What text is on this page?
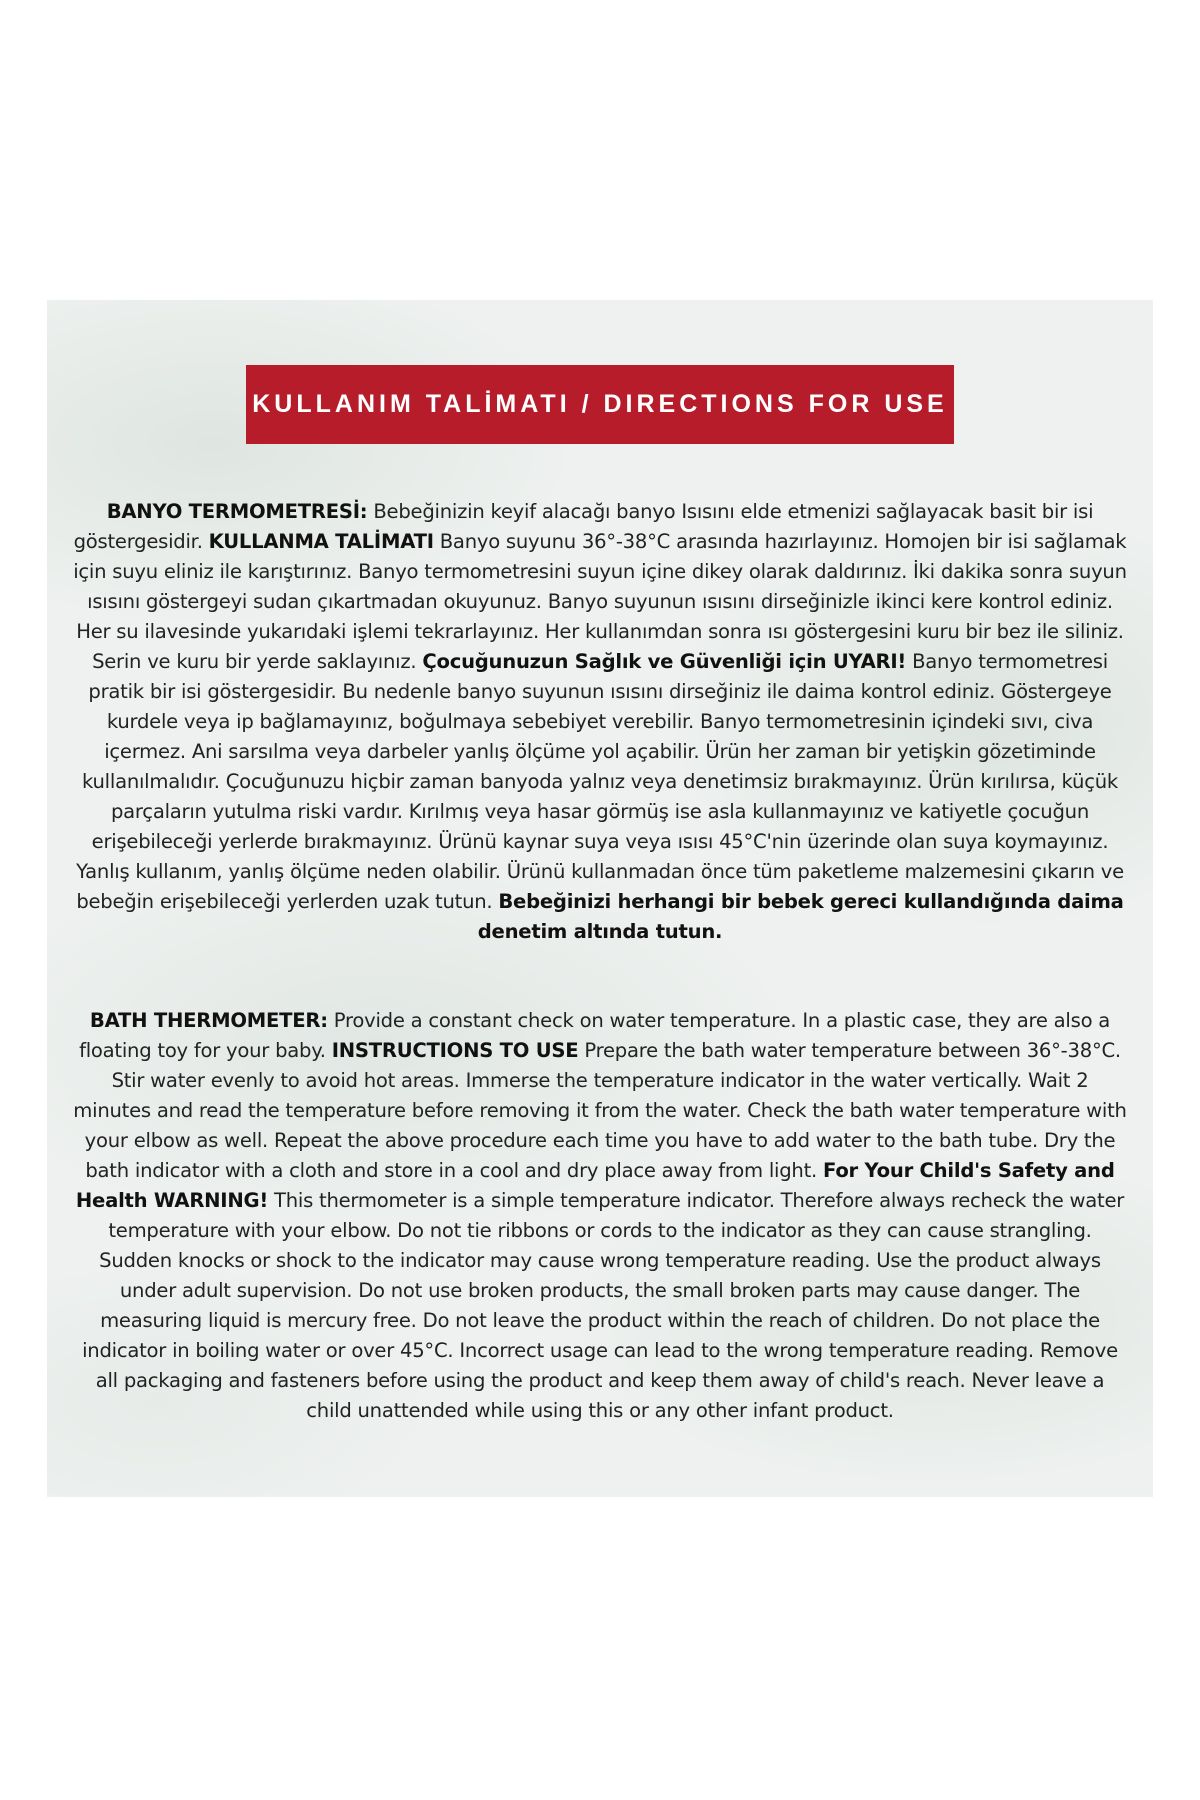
KULLANIM TALİMATI / DIRECTIONS FOR USE

BANYO TERMOMETRESİ: Bebeğinizin keyif alacağı banyo Isısını elde etmenizi sağlayacak basit bir isi göstergesidir. KULLANMA TALİMATI Banyo suyunu 36°-38°C arasında hazırlayınız. Homojen bir isi sağlamak için suyu eliniz ile karıştırınız. Banyo termometresini suyun içine dikey olarak daldırınız. İki dakika sonra suyun ısısını göstergeyi sudan çıkartmadan okuyunuz. Banyo suyunun ısısını dirseğinizle ikinci kere kontrol ediniz. Her su ilavesinde yukarıdaki işlemi tekrarlayınız. Her kullanımdan sonra ısı göstergesini kuru bir bez ile siliniz. Serin ve kuru bir yerde saklayınız. Çocuğunuzun Sağlık ve Güvenliği için UYARI! Banyo termometresi pratik bir isi göstergesidir. Bu nedenle banyo suyunun ısısını dirseğiniz ile daima kontrol ediniz. Göstergeye kurdele veya ip bağlamayınız, boğulmaya sebebiyet verebilir. Banyo termometresinin içindeki sıvı, civa içermez. Ani sarsılma veya darbeler yanlış ölçüme yol açabilir. Ürün her zaman bir yetişkin gözetiminde kullanılmalıdır. Çocuğunuzu hiçbir zaman banyoda yalnız veya denetimsiz bırakmayınız. Ürün kırılırsa, küçük parçaların yutulma riski vardır. Kırılmış veya hasar görmüş ise asla kullanmayınız ve katiyetle çocuğun erişebileceği yerlerde bırakmayınız. Ürünü kaynar suya veya ısısı 45°C'nin üzerinde olan suya koymayınız. Yanlış kullanım, yanlış ölçüme neden olabilir. Ürünü kullanmadan önce tüm paketleme malzemesini çıkarın ve bebeğin erişebileceği yerlerden uzak tutun. Bebeğinizi herhangi bir bebek gereci kullandığında daima denetim altında tutun.

BATH THERMOMETER: Provide a constant check on water temperature. In a plastic case, they are also a floating toy for your baby. INSTRUCTIONS TO USE Prepare the bath water temperature between 36°-38°C. Stir water evenly to avoid hot areas. Immerse the temperature indicator in the water vertically. Wait 2 minutes and read the temperature before removing it from the water. Check the bath water temperature with your elbow as well. Repeat the above procedure each time you have to add water to the bath tube. Dry the bath indicator with a cloth and store in a cool and dry place away from light. For Your Child's Safety and Health WARNING! This thermometer is a simple temperature indicator. Therefore always recheck the water temperature with your elbow. Do not tie ribbons or cords to the indicator as they can cause strangling. Sudden knocks or shock to the indicator may cause wrong temperature reading. Use the product always under adult supervision. Do not use broken products, the small broken parts may cause danger. The measuring liquid is mercury free. Do not leave the product within the reach of children. Do not place the indicator in boiling water or over 45°C. Incorrect usage can lead to the wrong temperature reading. Remove all packaging and fasteners before using the product and keep them away of child's reach. Never leave a child unattended while using this or any other infant product.
